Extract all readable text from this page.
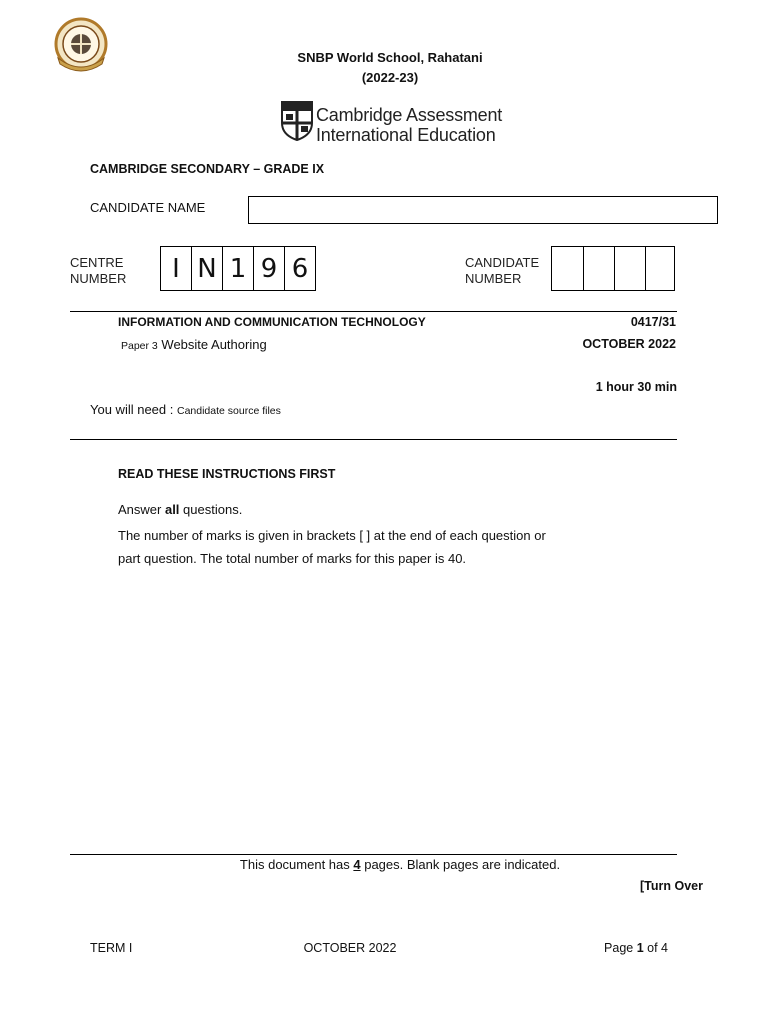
SNBP World School, Rahatani
(2022-23)
Cambridge Assessment
International Education
CAMBRIDGE SECONDARY – GRADE IX
CANDIDATE NAME
CENTRE
NUMBER	I N 1 9 6	CANDIDATE
NUMBER
INFORMATION AND COMMUNICATION TECHNOLOGY	0417/31
Paper 3 Website Authoring	OCTOBER 2022
1 hour 30 min
You will need : Candidate source files
READ THESE INSTRUCTIONS FIRST
Answer all questions.
The number of marks is given in brackets [ ] at the end of each question or part question. The total number of marks for this paper is 40.
This document has 4 pages. Blank pages are indicated.
[Turn Over
TERM I	OCTOBER 2022	Page 1 of 4
